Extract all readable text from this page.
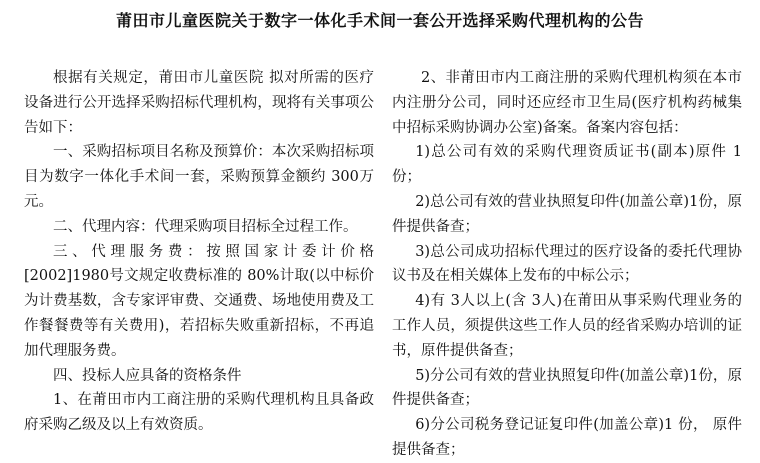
莆田市儿童医院关于数字一体化手术间一套公开选择采购代理机构的公告

根据有关规定，莆田市儿童医院 拟对所需的医疗设备进行公开选择采购招标代理机构，现将有关事项公告如下：

一、采购招标项目名称及预算价：本次采购招标项目为数字一体化手术间一套，采购预算金额约 300万元。

二、代理内容：代理采购项目招标全过程工作。

三、代理服务费：按照国家计委计价格[2002]1980号文规定收费标准的 80%计取(以中标价为计费基数，含专家评审费、交通费、场地使用费及工作餐餐费等有关费用)，若招标失败重新招标，不再追加代理服务费。

四、投标人应具备的资格条件

1、在莆田市内工商注册的采购代理机构且具备政府采购乙级及以上有效资质。

2、非莆田市内工商注册的采购代理机构须在本市内注册分公司，同时还应经市卫生局(医疗机构药械集中招标采购协调办公室)备案。备案内容包括：

1)总公司有效的采购代理资质证书(副本)原件 1份；

2)总公司有效的营业执照复印件(加盖公章)1份，原件提供备查；

3)总公司成功招标代理过的医疗设备的委托代理协议书及在相关媒体上发布的中标公示；

4)有 3人以上(含 3人)在莆田从事采购代理业务的工作人员，须提供这些工作人员的经省采购办培训的证书，原件提供备查；

5)分公司有效的营业执照复印件(加盖公章)1份，原件提供备查；

6)分公司税务登记证复印件(加盖公章)1 份， 原件提供备查；
